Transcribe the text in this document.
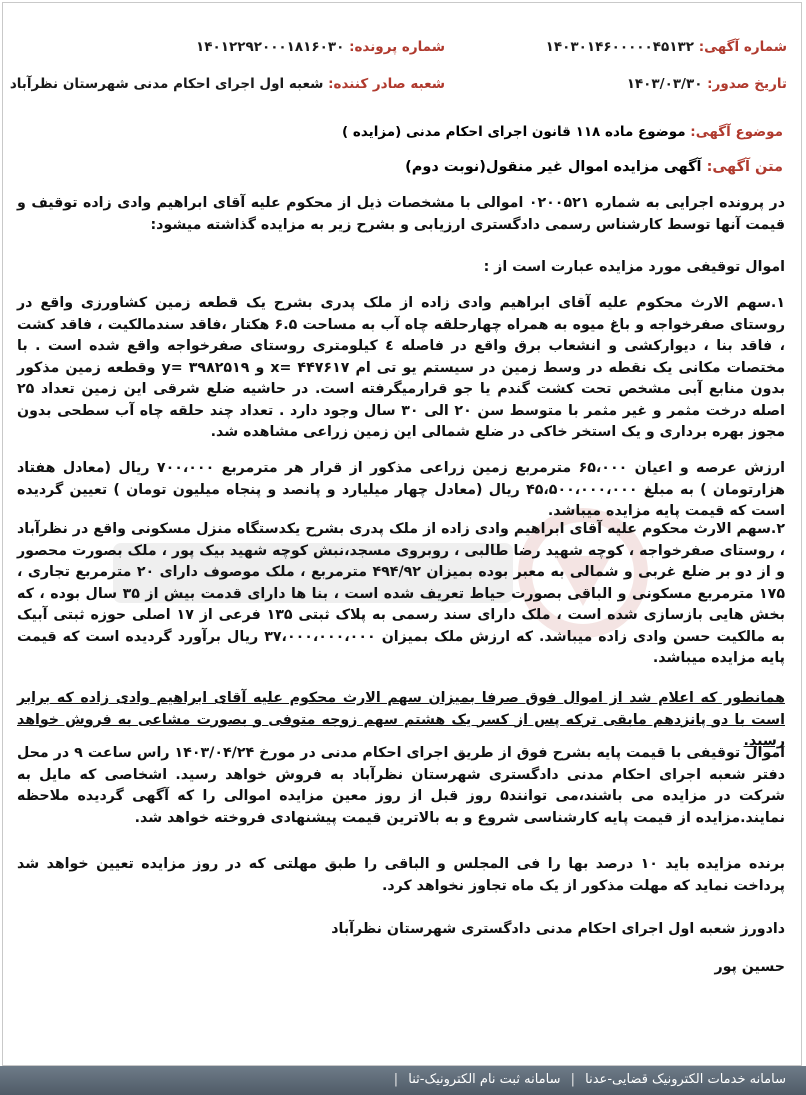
شماره آگهی: ۱۴۰۳۰۱۴۶۰۰۰۰۰۴۵۱۳۲
شماره پرونده: ۱۴۰۱۲۲۹۲۰۰۰۱۸۱۶۰۳۰
تاریخ صدور: ۱۴۰۳/۰۳/۳۰
شعبه صادر کننده: شعبه اول اجرای احکام مدنی شهرستان نظرآباد
موضوع آگهی: موضوع ماده ۱۱۸ قانون اجرای احکام مدنی (مزایده )
متن آگهی: آگهی مزایده اموال غیر منقول(نوبت دوم)
در پرونده اجرایی به شماره ۰۲۰۰۵۲۱ اموالی با مشخصات ذیل از محکوم علیه آقای ابراهیم وادی زاده توقیف و قیمت آنها توسط کارشناس رسمی دادگستری ارزیابی و بشرح زیر به مزایده گذاشته میشود:
اموال توقیفی مورد مزایده عبارت است از :
۱.سهم الارث محکوم علیه آقای ابراهیم وادی زاده از ملک پدری بشرح یک قطعه زمین کشاورزی واقع در روستای صفرخواجه و باغ میوه به همراه چهارحلقه چاه آب به مساحت ۶.۵ هکتار ،فاقد سندمالکیت ، فاقد کشت ، فاقد بنا ، دیوارکشی و انشعاب برق واقع در فاصله ٤ کیلومتری روستای صفرخواجه واقع شده است . با مختصات مکانی یک نقطه در وسط زمین در سیستم یو تی ام x= ۴۴۷۶۱۷ و y= ۳۹۸۲۵۱۹ وقطعه زمین مذکور بدون منابع آبی مشخص تحت کشت گندم یا جو قرارمیگرفته است. در حاشیه ضلع شرقی این زمین تعداد ۲۵ اصله درخت مثمر و غیر مثمر با متوسط سن ۲۰ الی ۳۰ سال وجود دارد . تعداد چند حلقه چاه آب سطحی بدون مجوز بهره برداری و یک استخر خاکی در ضلع شمالی این زمین زراعی مشاهده شد.
ارزش عرصه و اعیان ۶۵،۰۰۰ مترمربع زمین زراعی مذکور از قرار هر مترمربع ۷۰۰،۰۰۰ ریال (معادل هفتاد هزارتومان ) به مبلغ ۴۵،۵۰۰،۰۰۰،۰۰۰ ریال (معادل چهار میلیارد و پانصد و پنجاه میلیون تومان ) تعیین گردیده است که قیمت پایه مزایده میباشد.
۲.سهم الارث محکوم علیه آقای ابراهیم وادی زاده از ملک پدری بشرح یکدستگاه منزل مسکونی واقع در نظرآباد ، روستای صفرخواجه ، کوچه شهید رضا طالبی ، روبروی مسجد،نبش کوچه شهید بیک پور ، ملک بصورت محصور و از دو بر ضلع غربی و شمالی به معبر بوده بمیزان ۴۹۴/۹۲ مترمربع ، ملک موصوف دارای ۲۰ مترمربع تجاری ، ۱۷۵ مترمربع مسکونی و الباقی بصورت حیاط تعریف شده است ، بنا ها دارای قدمت بیش از ۳۵ سال بوده ، که بخش هایی بازسازی شده است ، ملک دارای سند رسمی به پلاک ثبتی ۱۳۵ فرعی از ۱۷ اصلی حوزه ثبتی آبیک به مالکیت حسن وادی زاده میباشد. که ارزش ملک بمیزان ۳۷،۰۰۰،۰۰۰،۰۰۰ ریال برآورد گردیده است که قیمت پایه مزایده میباشد.
همانطور که اعلام شد از اموال فوق صرفا بمیزان سهم الارث محکوم علیه آقای ابراهیم وادی زاده که برابر است با دو پانزدهم مابقی ترکه پس از کسر یک هشتم سهم زوجه متوفی و بصورت مشاعی به فروش خواهد رسید.
اموال توقیفی با قیمت پایه بشرح فوق از طریق اجرای احکام مدنی در مورخ ۱۴۰۳/۰۴/۲۴ راس ساعت ۹ در محل دفتر شعبه اجرای احکام مدنی دادگستری شهرستان نظرآباد به فروش خواهد رسید. اشخاصی که مایل به شرکت در مزایده می باشند،می توانند۵ روز قبل از روز معین مزایده اموالی را که آگهی گردیده ملاحظه نمایند.مزایده از قیمت پایه کارشناسی شروع و به بالاترین قیمت پیشنهادی فروخته خواهد شد.
برنده مزایده باید ۱۰ درصد بها را فی المجلس و الباقی را طبق مهلتی که در روز مزایده تعیین خواهد شد پرداخت نماید که مهلت مذکور از یک ماه تجاوز نخواهد کرد.
دادورز شعبه اول اجرای احکام مدنی دادگستری شهرستان نظرآباد
حسین پور
سامانه خدمات الکترونیک قضایی-عدنا | سامانه ثبت نام الکترونیک-ثنا |
